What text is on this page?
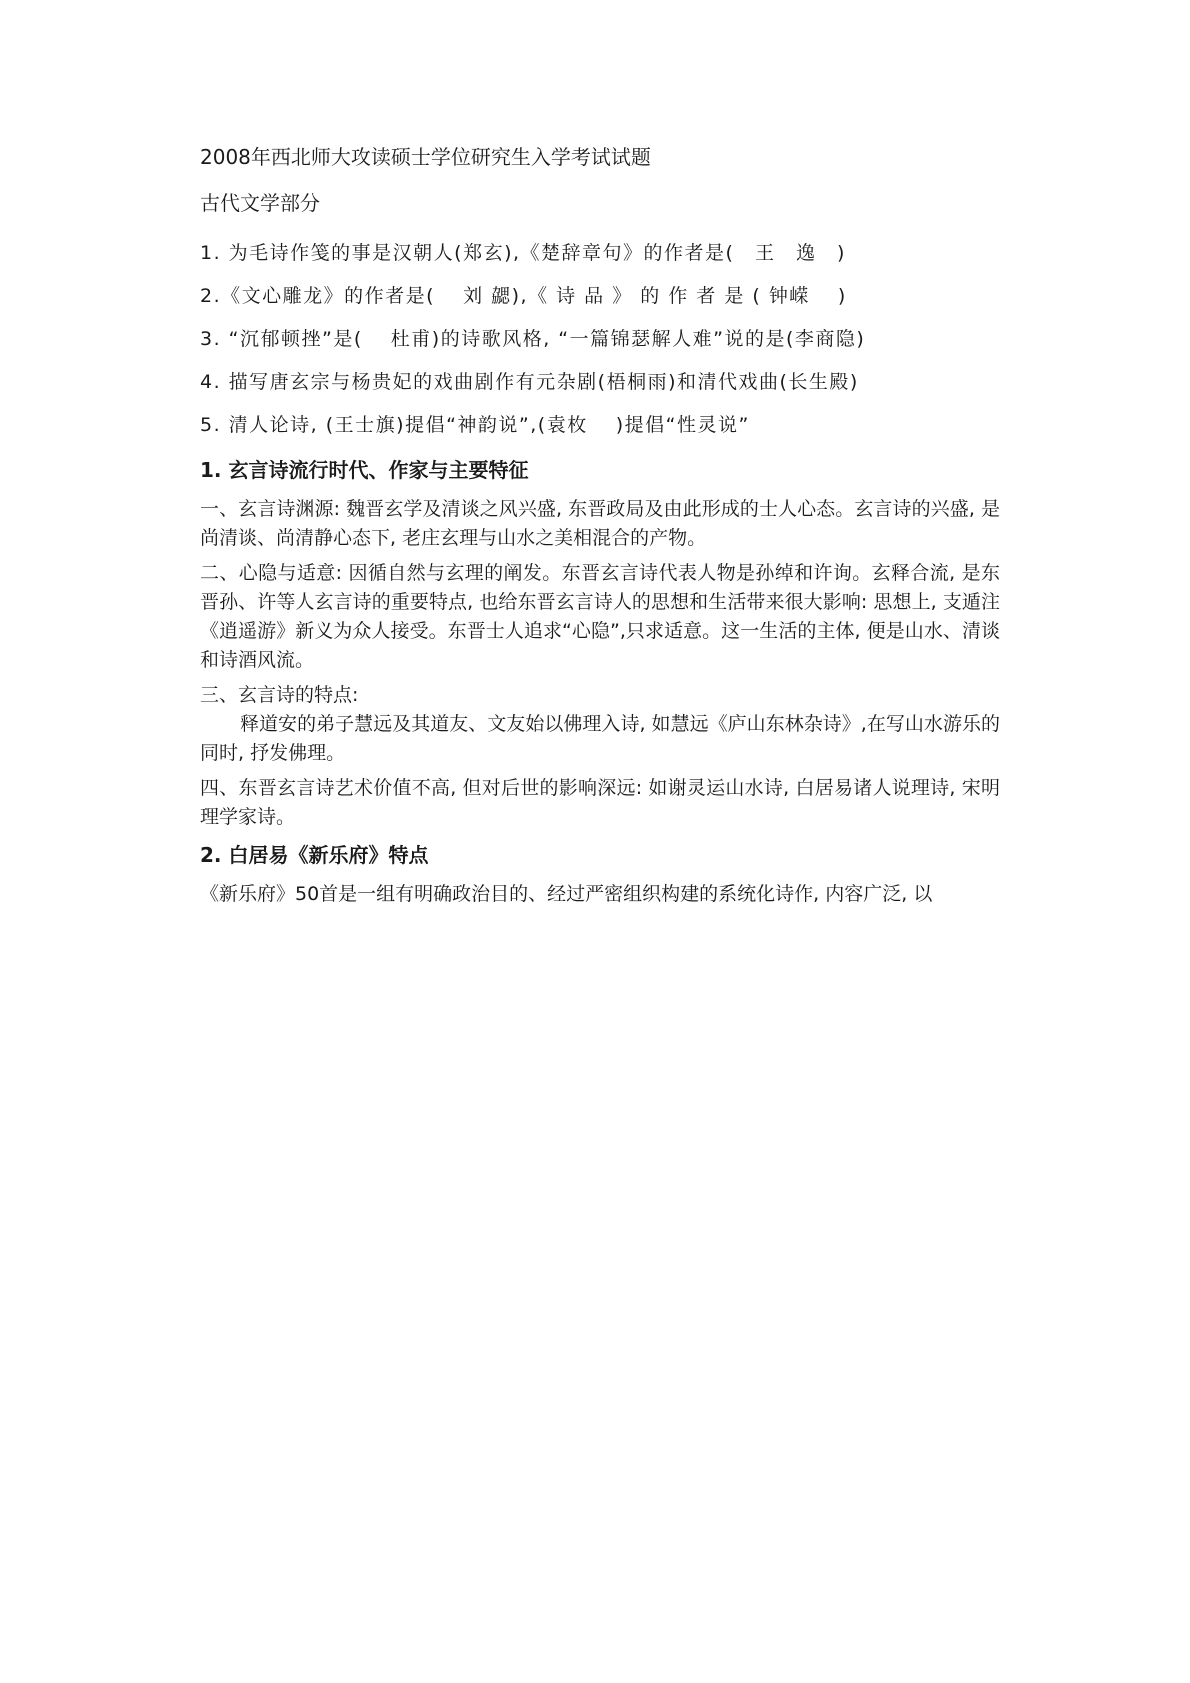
2008年西北师大攻读硕士学位研究生入学考试试题
古代文学部分
1. 为毛诗作笺的事是汉朝人(郑玄),《楚辞章句》的作者是(　王　逸　)
2.《文心雕龙》的作者是(　 刘 勰),《 诗 品 》 的 作 者 是 ( 钟嵘　 )
3. “沉郁顿挫”是(　 杜甫)的诗歌风格, “一篇锦瑟解人难”说的是(李商隐)
4. 描写唐玄宗与杨贵妃的戏曲剧作有元杂剧(梧桐雨)和清代戏曲(长生殿)
5. 清人论诗, (王士旗)提倡“神韵说”,(袁枚　 )提倡“性灵说”
1. 玄言诗流行时代、作家与主要特征

一、玄言诗渊源: 魏晋玄学及清谈之风兴盛, 东晋政局及由此形成的士人心态。玄言诗的兴盛, 是尚清谈、尚清静心态下, 老庄玄理与山水之美相混合的产物。

二、心隐与适意: 因循自然与玄理的阐发。东晋玄言诗代表人物是孙绰和许询。玄释合流, 是东晋孙、许等人玄言诗的重要特点, 也给东晋玄言诗人的思想和生活带来很大影响: 思想上, 支遁注《逍遥游》新义为众人接受。东晋士人追求“心隐”,只求适意。这一生活的主体, 便是山水、清谈和诗酒风流。

三、玄言诗的特点:

释道安的弟子慧远及其道友、文友始以佛理入诗, 如慧远《庐山东林杂诗》,在写山水游乐的同时, 抒发佛理。

四、东晋玄言诗艺术价值不高, 但对后世的影响深远: 如谢灵运山水诗, 白居易诸人说理诗, 宋明理学家诗。

2. 白居易《新乐府》特点

《新乐府》50首是一组有明确政治目的、经过严密组织构建的系统化诗作, 内容广泛, 以
